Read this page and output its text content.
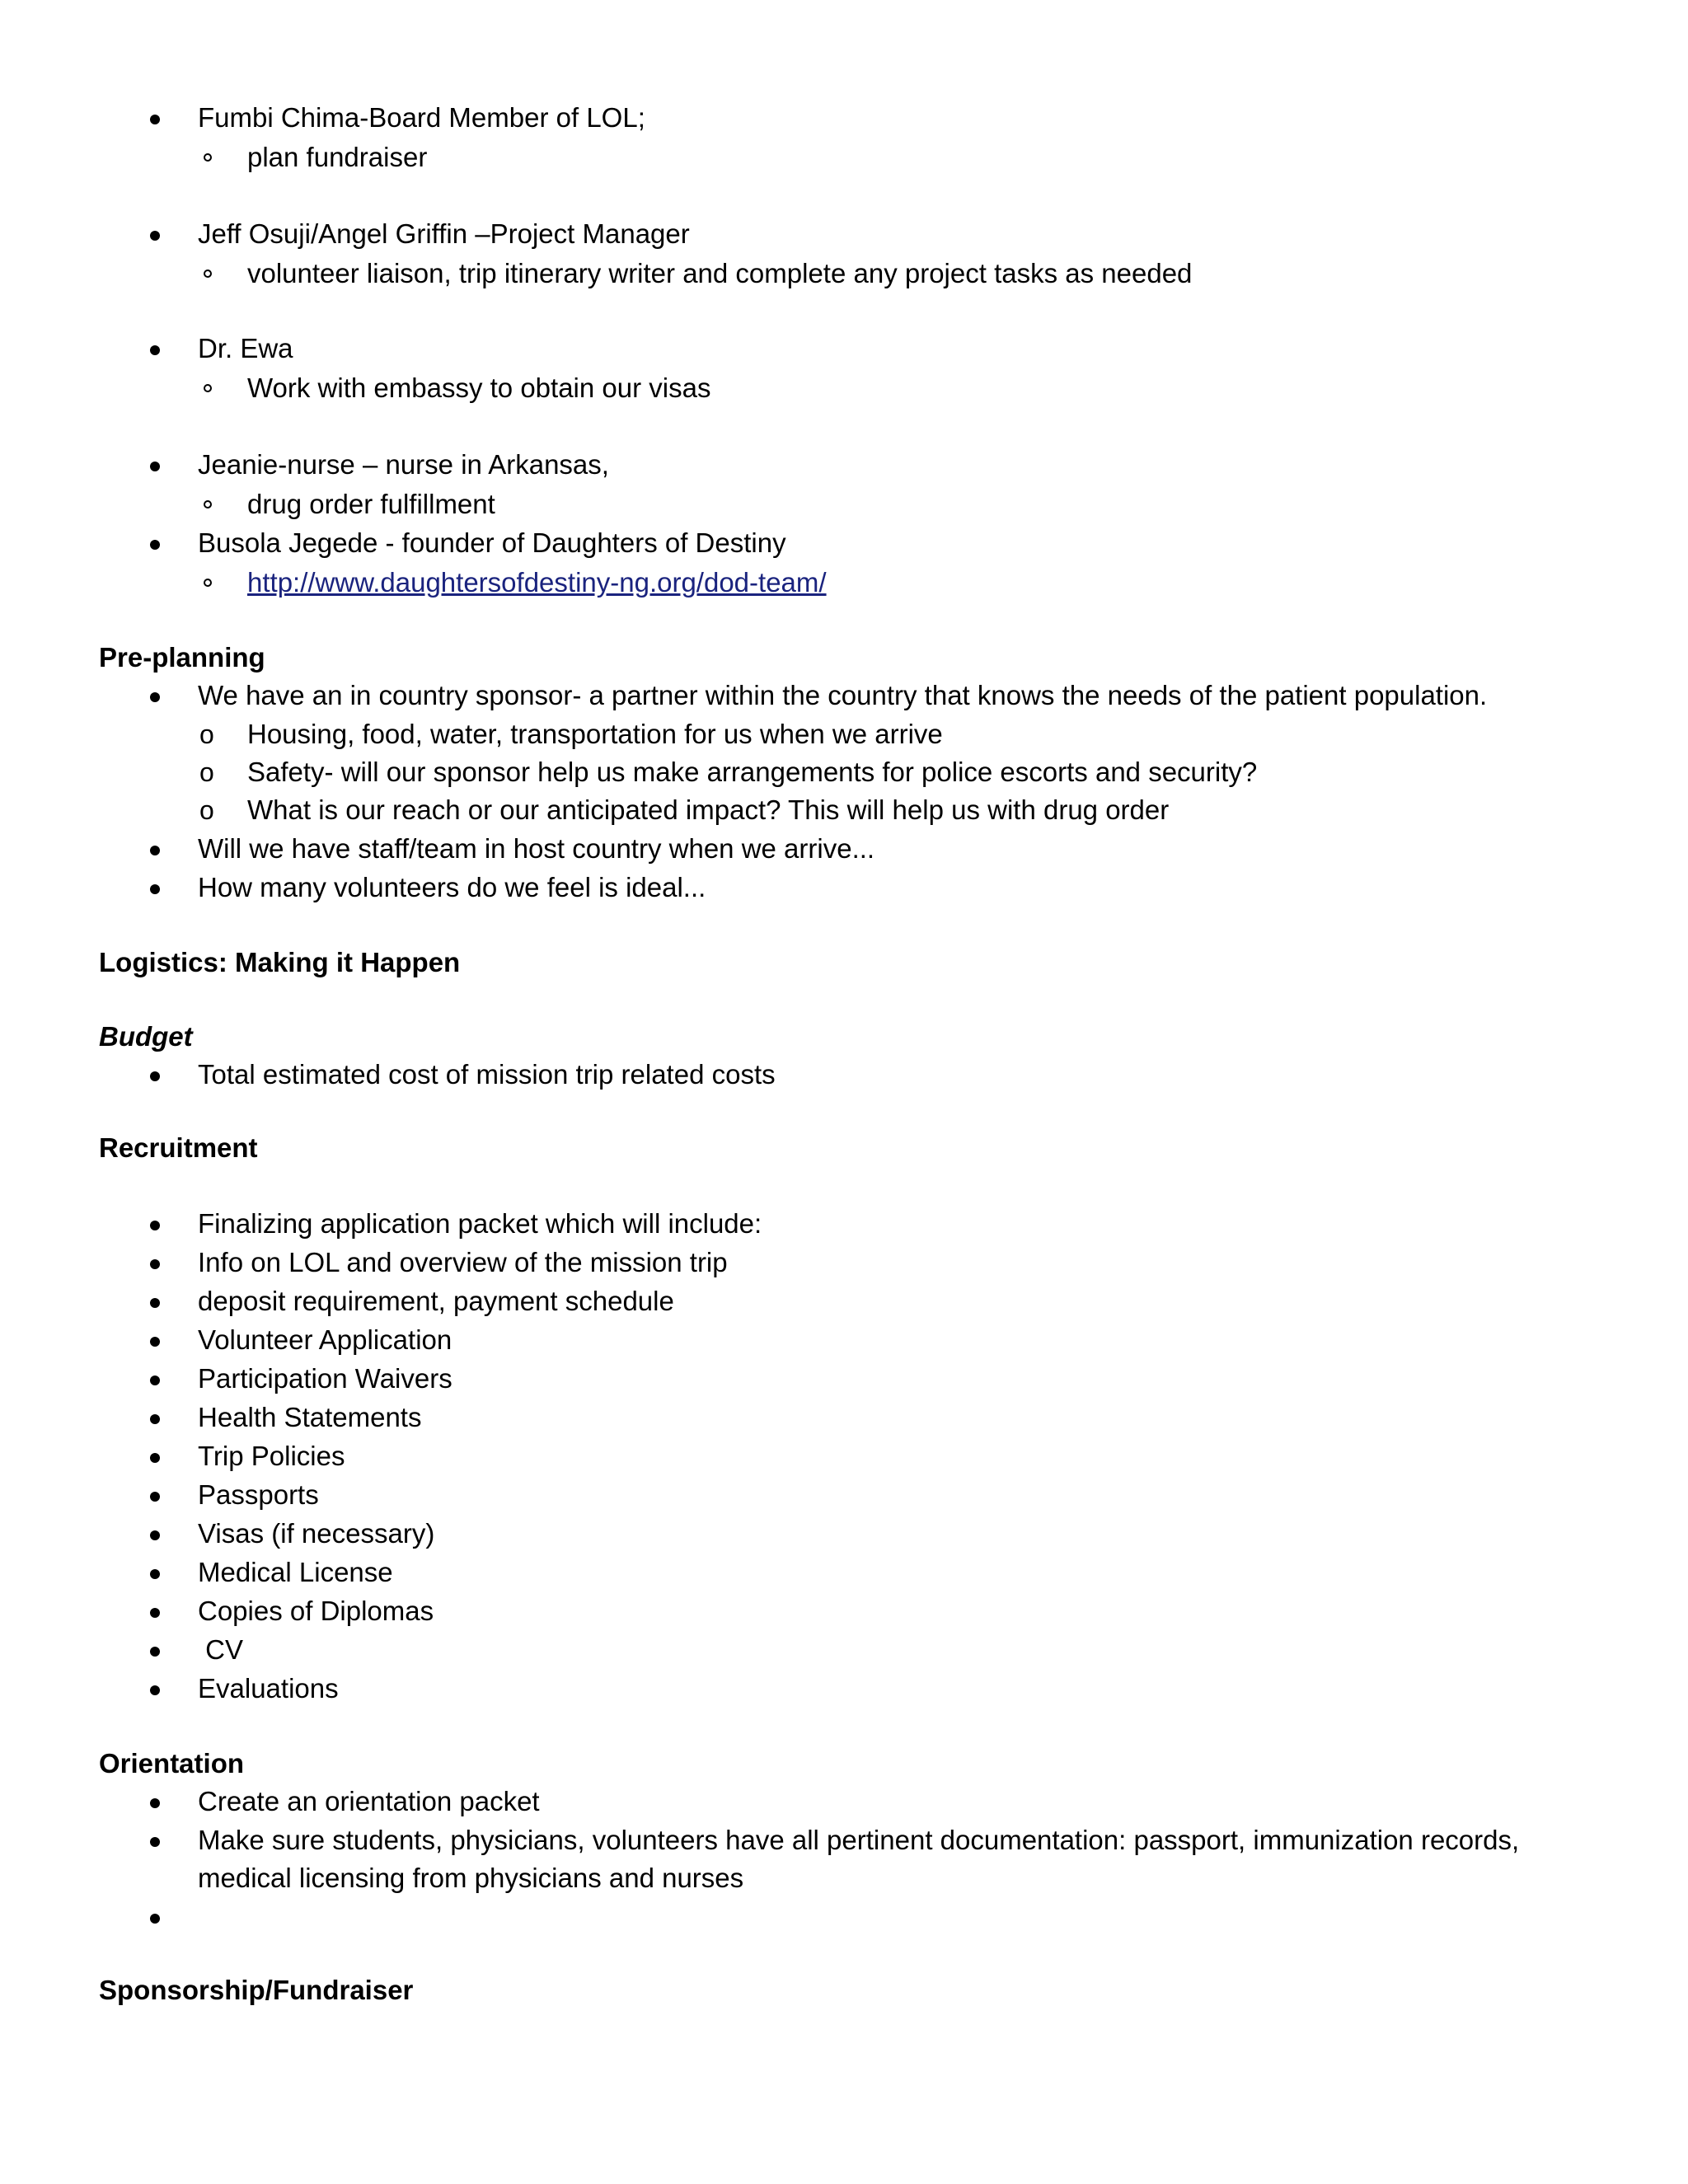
Fumbi Chima-Board Member of LOL;
plan fundraiser
Jeff Osuji/Angel Griffin –Project Manager
volunteer liaison, trip itinerary writer and complete any project tasks as needed
Dr. Ewa
Work with embassy to obtain our visas
Jeanie-nurse – nurse in Arkansas,
drug order fulfillment
Busola Jegede - founder of Daughters of Destiny
http://www.daughtersofdestiny-ng.org/dod-team/
Pre-planning
We have an in country sponsor- a partner within the country that knows the needs of the patient population.
o Housing, food, water, transportation for us when we arrive
o Safety- will our sponsor help us make arrangements for police escorts and security?
o What is our reach or our anticipated impact? This will help us with drug order
Will we have staff/team in host country when we arrive...
How many volunteers do we feel is ideal...
Logistics: Making it Happen
Budget
Total estimated cost of mission trip related costs
Recruitment
Finalizing application packet which will include:
Info on LOL and overview of the mission trip
deposit requirement, payment schedule
Volunteer Application
Participation Waivers
Health Statements
Trip Policies
Passports
Visas (if necessary)
Medical License
Copies of Diplomas
CV
Evaluations
Orientation
Create an orientation packet
Make sure students, physicians, volunteers have all pertinent documentation: passport, immunization records,
medical licensing from physicians and nurses
Sponsorship/Fundraiser
